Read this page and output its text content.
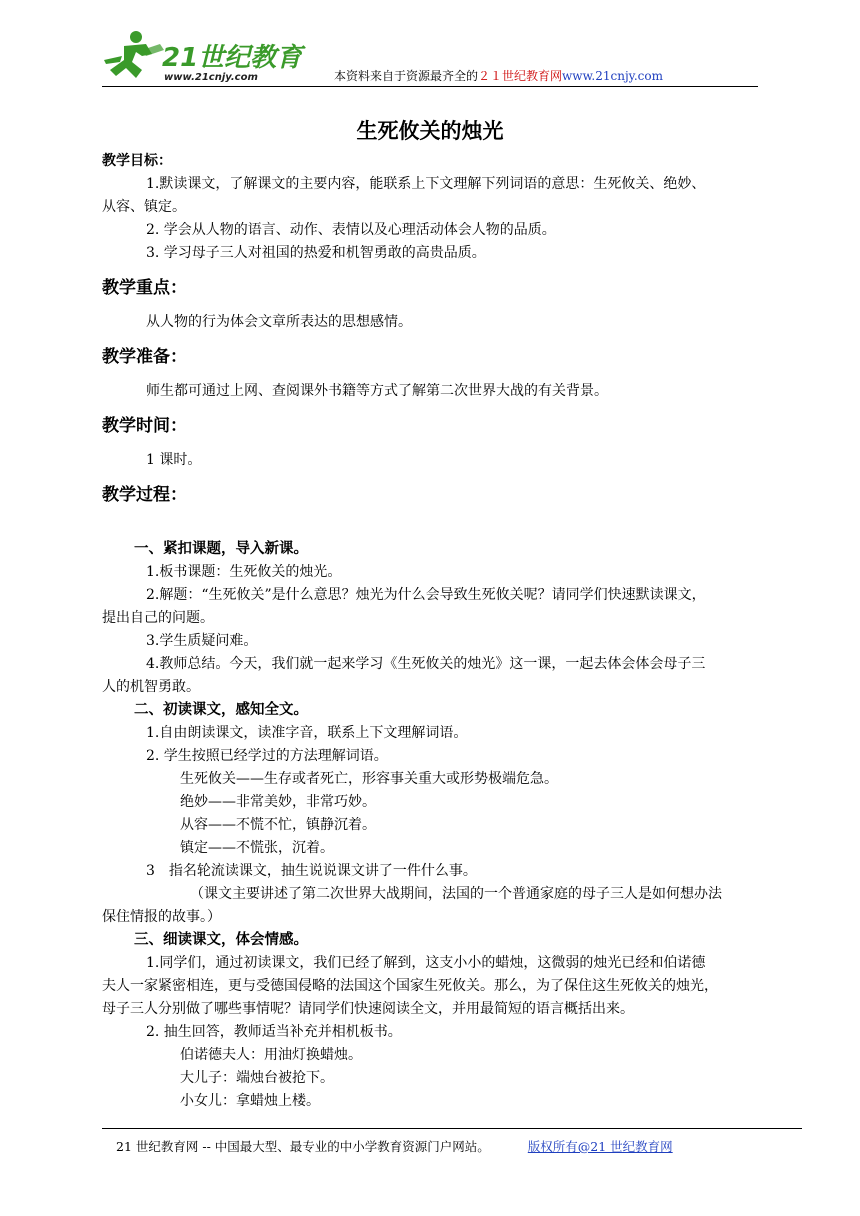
21世纪教育
www.21cnjy.com	本资料来自于资源最齐全的２１世纪教育网www.21cnjy.com
生死攸关的烛光

教学目标：

1.默读课文，了解课文的主要内容，能联系上下文理解下列词语的意思：生死攸关、绝妙、

从容、镇定。

2. 学会从人物的语言、动作、表情以及心理活动体会人物的品质。

3. 学习母子三人对祖国的热爱和机智勇敢的高贵品质。

教学重点：

从人物的行为体会文章所表达的思想感情。

教学准备：

师生都可通过上网、查阅课外书籍等方式了解第二次世界大战的有关背景。

教学时间：

1 课时。

教学过程：

一、紧扣课题，导入新课。

1.板书课题：生死攸关的烛光。

2.解题：“生死攸关”是什么意思？烛光为什么会导致生死攸关呢？请同学们快速默读课文，

提出自己的问题。

3.学生质疑问难。

4.教师总结。今天，我们就一起来学习《生死攸关的烛光》这一课，一起去体会体会母子三

人的机智勇敢。

二、初读课文，感知全文。

1.自由朗读课文，读准字音，联系上下文理解词语。

2. 学生按照已经学过的方法理解词语。

生死攸关——生存或者死亡，形容事关重大或形势极端危急。

绝妙——非常美妙，非常巧妙。

从容——不慌不忙，镇静沉着。

镇定——不慌张，沉着。

3　指名轮流读课文，抽生说说课文讲了一件什么事。

（课文主要讲述了第二次世界大战期间，法国的一个普通家庭的母子三人是如何想办法

保住情报的故事。）

三、细读课文，体会情感。

1.同学们，通过初读课文，我们已经了解到，这支小小的蜡烛，这微弱的烛光已经和伯诺德

夫人一家紧密相连，更与受德国侵略的法国这个国家生死攸关。那么，为了保住这生死攸关的烛光，

母子三人分别做了哪些事情呢？请同学们快速阅读全文，并用最简短的语言概括出来。

2. 抽生回答，教师适当补充并相机板书。

伯诺德夫人：用油灯换蜡烛。

大儿子：端烛台被抢下。

小女儿：拿蜡烛上楼。

21 世纪教育网 -- 中国最大型、最专业的中小学教育资源门户网站。	版权所有@21 世纪教育网
